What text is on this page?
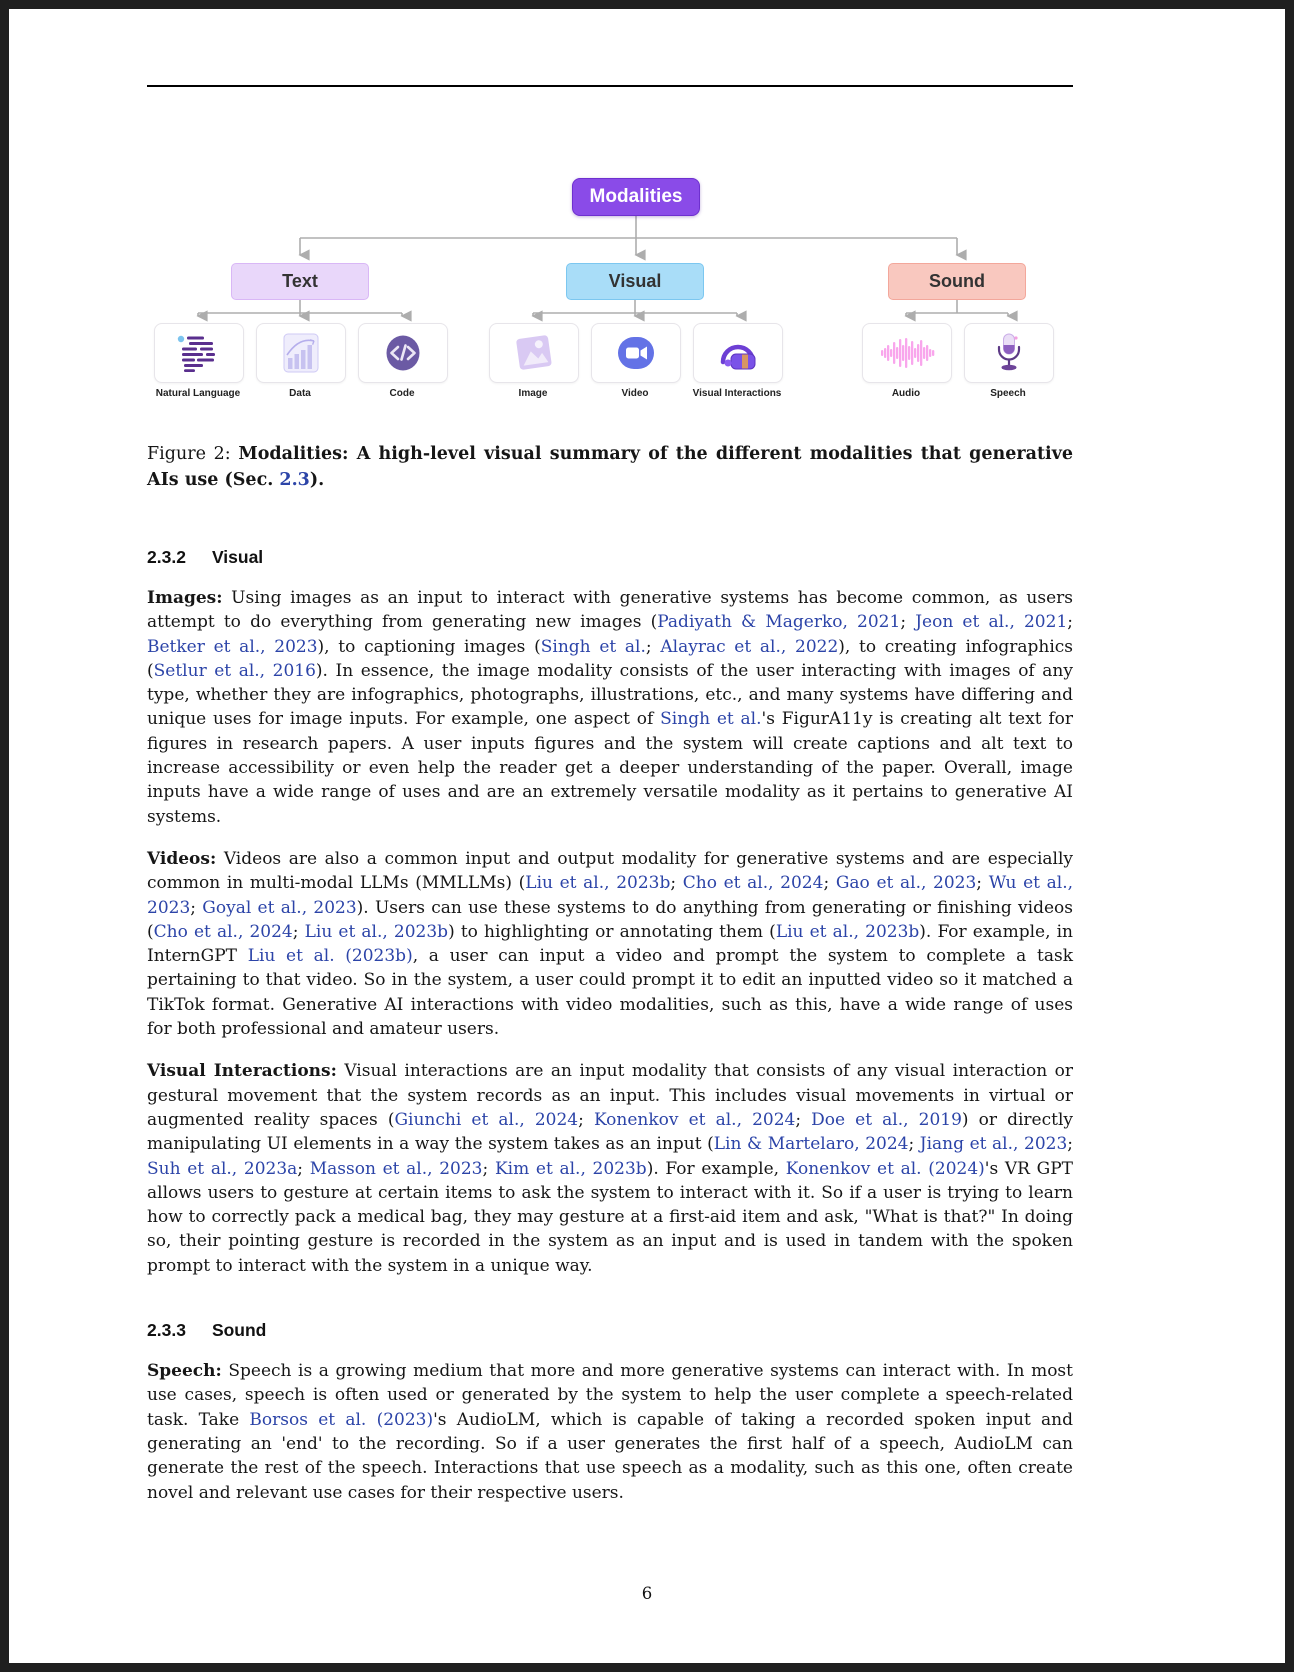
Modalities
Text	Visual	Sound
Natural Language	Data	Code	Image	Video	Visual Interactions	Audio	Speech
Figure 2: Modalities: A high-level visual summary of the different modalities that generative AIs use (Sec. 2.3).
2.3.2 Visual
Images: Using images as an input to interact with generative systems has become common, as users attempt to do everything from generating new images (Padiyath & Magerko, 2021; Jeon et al., 2021; Betker et al., 2023), to captioning images (Singh et al.; Alayrac et al., 2022), to creating infographics (Setlur et al., 2016). In essence, the image modality consists of the user interacting with images of any type, whether they are infographics, photographs, illustrations, etc., and many systems have differing and unique uses for image inputs. For example, one aspect of Singh et al.'s FigurA11y is creating alt text for figures in research papers. A user inputs figures and the system will create captions and alt text to increase accessibility or even help the reader get a deeper understanding of the paper. Overall, image inputs have a wide range of uses and are an extremely versatile modality as it pertains to generative AI systems.
Videos: Videos are also a common input and output modality for generative systems and are especially common in multi-modal LLMs (MMLLMs) (Liu et al., 2023b; Cho et al., 2024; Gao et al., 2023; Wu et al., 2023; Goyal et al., 2023). Users can use these systems to do anything from generating or finishing videos (Cho et al., 2024; Liu et al., 2023b) to highlighting or annotating them (Liu et al., 2023b). For example, in InternGPT Liu et al. (2023b), a user can input a video and prompt the system to complete a task pertaining to that video. So in the system, a user could prompt it to edit an inputted video so it matched a TikTok format. Generative AI interactions with video modalities, such as this, have a wide range of uses for both professional and amateur users.
Visual Interactions: Visual interactions are an input modality that consists of any visual interaction or gestural movement that the system records as an input. This includes visual movements in virtual or augmented reality spaces (Giunchi et al., 2024; Konenkov et al., 2024; Doe et al., 2019) or directly manipulating UI elements in a way the system takes as an input (Lin & Martelaro, 2024; Jiang et al., 2023; Suh et al., 2023a; Masson et al., 2023; Kim et al., 2023b). For example, Konenkov et al. (2024)'s VR GPT allows users to gesture at certain items to ask the system to interact with it. So if a user is trying to learn how to correctly pack a medical bag, they may gesture at a first-aid item and ask, "What is that?" In doing so, their pointing gesture is recorded in the system as an input and is used in tandem with the spoken prompt to interact with the system in a unique way.
2.3.3 Sound
Speech: Speech is a growing medium that more and more generative systems can interact with. In most use cases, speech is often used or generated by the system to help the user complete a speech-related task. Take Borsos et al. (2023)'s AudioLM, which is capable of taking a recorded spoken input and generating an 'end' to the recording. So if a user generates the first half of a speech, AudioLM can generate the rest of the speech. Interactions that use speech as a modality, such as this one, often create novel and relevant use cases for their respective users.
6
